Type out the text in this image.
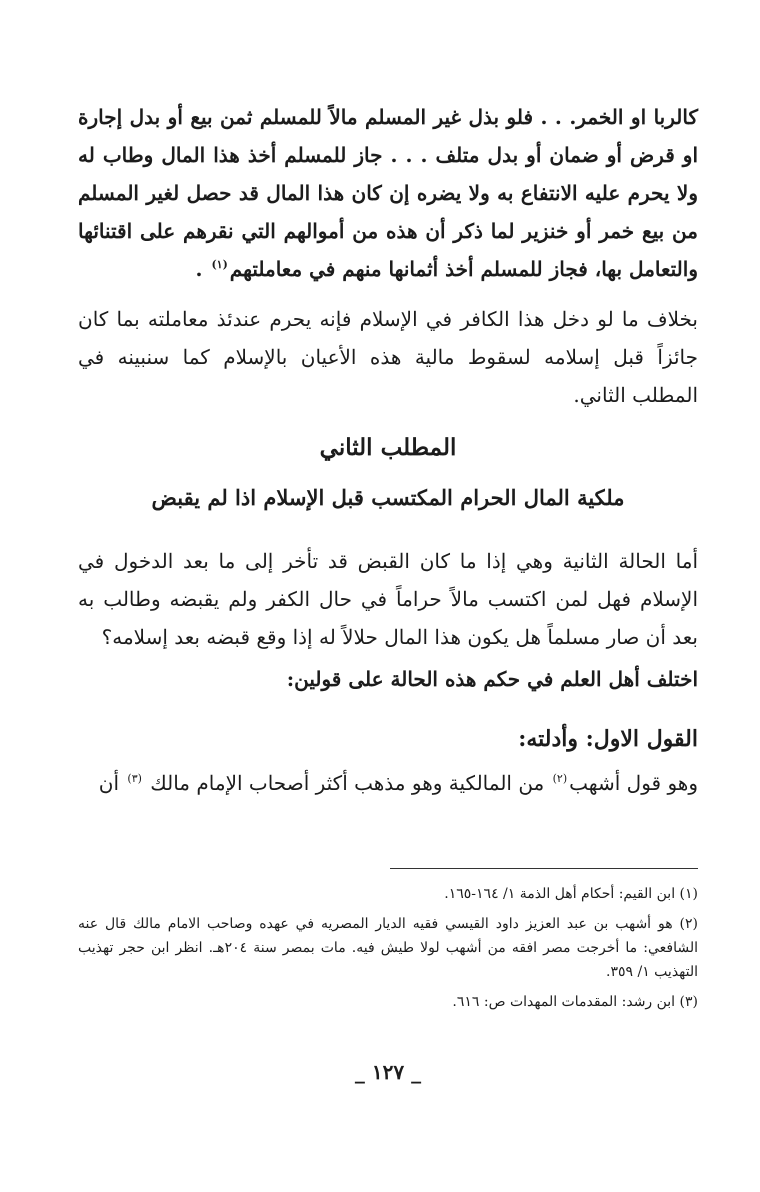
كالربا او الخمر. . . فلو بذل غير المسلم مالاً للمسلم ثمن بيع أو بدل إجارة او قرض أو ضمان أو بدل متلف . . . جاز للمسلم أخذ هذا المال وطاب له ولا يحرم عليه الانتفاع به ولا يضره إن كان هذا المال قد حصل لغير المسلم من بيع خمر أو خنزير لما ذكر أن هذه من أموالهم التي نقرهم على اقتنائها والتعامل بها، فجاز للمسلم أخذ أثمانها منهم في معاملتهم$^{(١)}$ .

بخلاف ما لو دخل هذا الكافر في الإسلام فإنه يحرم عندئذ معاملته بما كان جائزاً قبل إسلامه لسقوط مالية هذه الأعيان بالإسلام كما سنبينه في المطلب الثاني.

المطلب الثاني
ملكية المال الحرام المكتسب قبل الإسلام اذا لم يقبض

أما الحالة الثانية وهي إذا ما كان القبض قد تأخر إلى ما بعد الدخول في الإسلام فهل لمن اكتسب مالاً حراماً في حال الكفر ولم يقبضه وطالب به بعد أن صار مسلماً هل يكون هذا المال حلالاً له إذا وقع قبضه بعد إسلامه؟

اختلف أهل العلم في حكم هذه الحالة على قولين:

القول الاول: وأدلته:

وهو قول أشهب$^{(٢)}$ من المالكية وهو مذهب أكثر أصحاب الإمام مالك $^{(٣)}$ أن

(١) ابن القيم: أحكام أهل الذمة ١/ ١٦٤-١٦٥.

(٢) هو أشهب بن عبد العزيز داود القيسي فقيه الديار المصريه في عهده وصاحب الامام مالك قال عنه الشافعي: ما أخرجت مصر افقه من أشهب لولا طيش فيه. مات بمصر سنة ٢٠٤هـ. انظر ابن حجر تهذيب التهذيب ١/ ٣٥٩.

(٣) ابن رشد: المقدمات المهدات ص: ٦١٦.

_ ١٢٧ _
